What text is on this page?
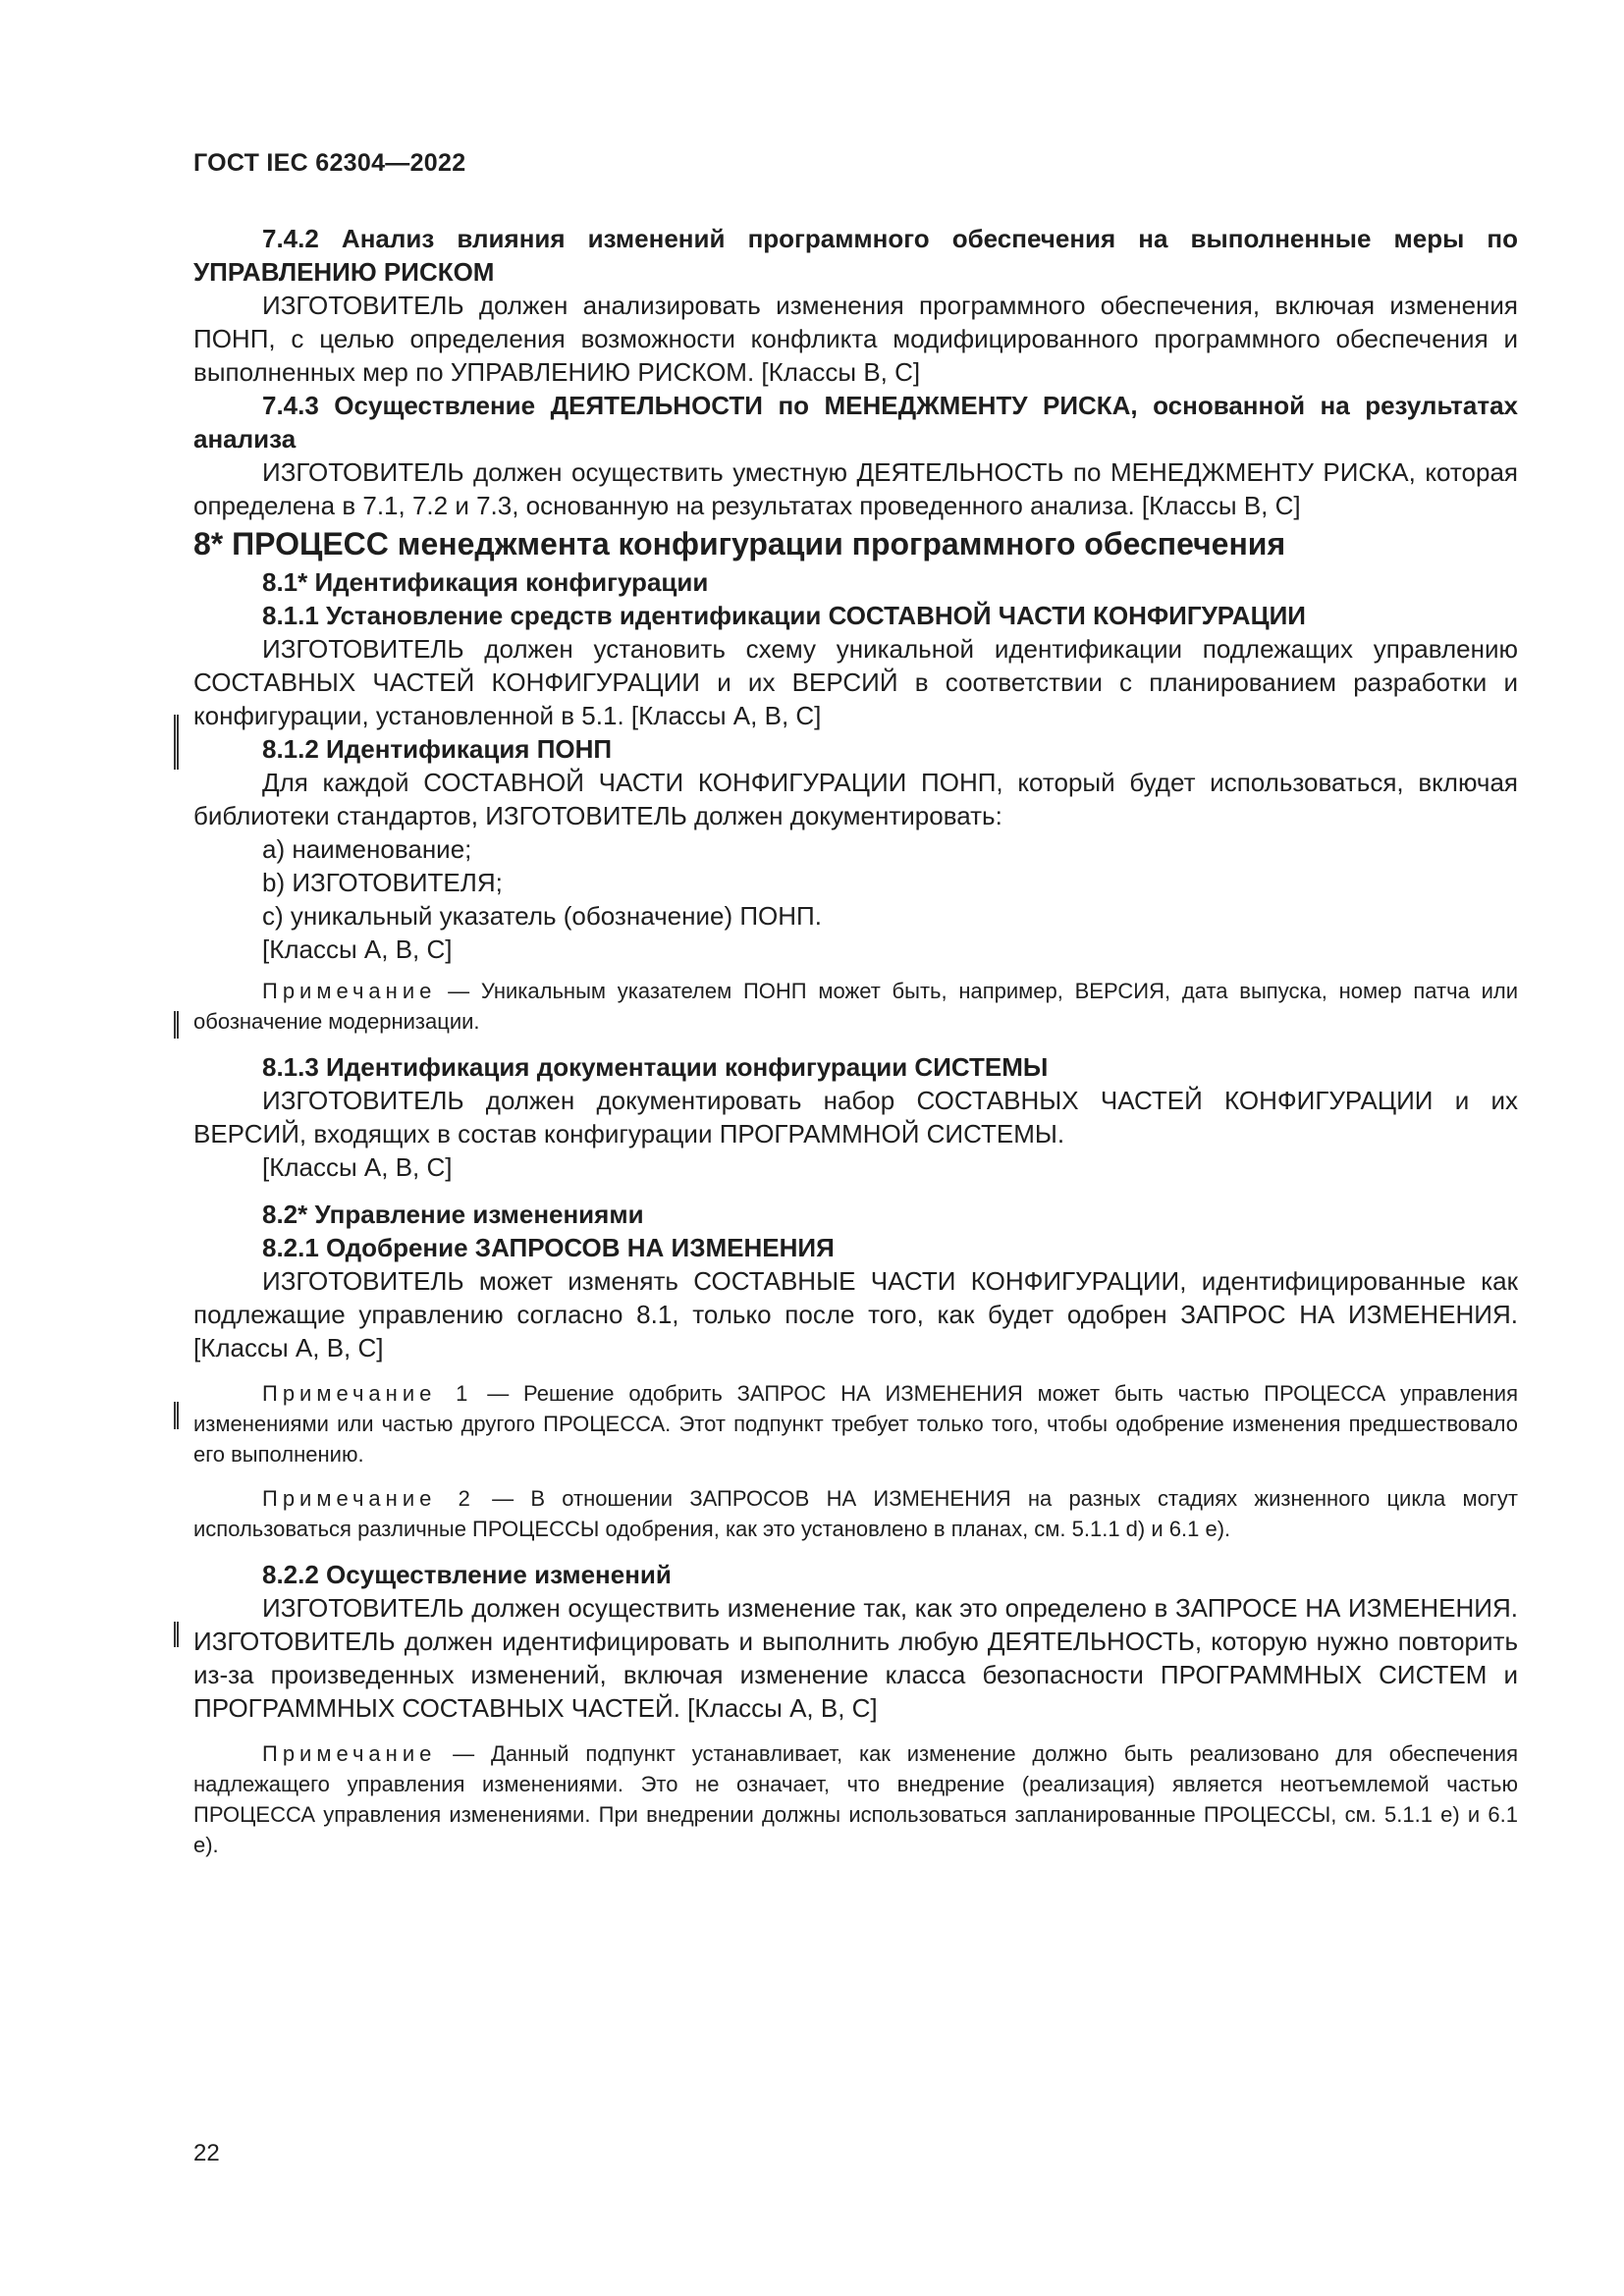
ГОСТ IEC 62304—2022

7.4.2 Анализ влияния изменений программного обеспечения на выполненные меры по УПРАВЛЕНИЮ РИСКОМ

ИЗГОТОВИТЕЛЬ должен анализировать изменения программного обеспечения, включая изменения ПОНП, с целью определения возможности конфликта модифицированного программного обеспечения и выполненных мер по УПРАВЛЕНИЮ РИСКОМ. [Классы В, С]

7.4.3 Осуществление ДЕЯТЕЛЬНОСТИ по МЕНЕДЖМЕНТУ РИСКА, основанной на результатах анализа

ИЗГОТОВИТЕЛЬ должен осуществить уместную ДЕЯТЕЛЬНОСТЬ по МЕНЕДЖМЕНТУ РИСКА, которая определена в 7.1, 7.2 и 7.3, основанную на результатах проведенного анализа. [Классы В, С]

8* ПРОЦЕСС менеджмента конфигурации программного обеспечения

8.1* Идентификация конфигурации

8.1.1 Установление средств идентификации СОСТАВНОЙ ЧАСТИ КОНФИГУРАЦИИ

ИЗГОТОВИТЕЛЬ должен установить схему уникальной идентификации подлежащих управлению СОСТАВНЫХ ЧАСТЕЙ КОНФИГУРАЦИИ и их ВЕРСИЙ в соответствии с планированием разработки и конфигурации, установленной в 5.1. [Классы А, В, С]

8.1.2 Идентификация ПОНП

Для каждой СОСТАВНОЙ ЧАСТИ КОНФИГУРАЦИИ ПОНП, который будет использоваться, включая библиотеки стандартов, ИЗГОТОВИТЕЛЬ должен документировать:

a) наименование;

b) ИЗГОТОВИТЕЛЯ;

c) уникальный указатель (обозначение) ПОНП.

[Классы А, В, С]

Примечание — Уникальным указателем ПОНП может быть, например, ВЕРСИЯ, дата выпуска, номер патча или обозначение модернизации.

8.1.3 Идентификация документации конфигурации СИСТЕМЫ

ИЗГОТОВИТЕЛЬ должен документировать набор СОСТАВНЫХ ЧАСТЕЙ КОНФИГУРАЦИИ и их ВЕРСИЙ, входящих в состав конфигурации ПРОГРАММНОЙ СИСТЕМЫ.

[Классы А, В, С]

8.2* Управление изменениями

8.2.1 Одобрение ЗАПРОСОВ НА ИЗМЕНЕНИЯ

ИЗГОТОВИТЕЛЬ может изменять СОСТАВНЫЕ ЧАСТИ КОНФИГУРАЦИИ, идентифицированные как подлежащие управлению согласно 8.1, только после того, как будет одобрен ЗАПРОС НА ИЗМЕНЕНИЯ. [Классы А, В, С]

Примечание 1 — Решение одобрить ЗАПРОС НА ИЗМЕНЕНИЯ может быть частью ПРОЦЕССА управления изменениями или частью другого ПРОЦЕССА. Этот подпункт требует только того, чтобы одобрение изменения предшествовало его выполнению.

Примечание 2 — В отношении ЗАПРОСОВ НА ИЗМЕНЕНИЯ на разных стадиях жизненного цикла могут использоваться различные ПРОЦЕССЫ одобрения, как это установлено в планах, см. 5.1.1 d) и 6.1 е).

8.2.2 Осуществление изменений

ИЗГОТОВИТЕЛЬ должен осуществить изменение так, как это определено в ЗАПРОСЕ НА ИЗМЕНЕНИЯ. ИЗГОТОВИТЕЛЬ должен идентифицировать и выполнить любую ДЕЯТЕЛЬНОСТЬ, которую нужно повторить из-за произведенных изменений, включая изменение класса безопасности ПРОГРАММНЫХ СИСТЕМ и ПРОГРАММНЫХ СОСТАВНЫХ ЧАСТЕЙ. [Классы А, В, С]

Примечание — Данный подпункт устанавливает, как изменение должно быть реализовано для обеспечения надлежащего управления изменениями. Это не означает, что внедрение (реализация) является неотъемлемой частью ПРОЦЕССА управления изменениями. При внедрении должны использоваться запланированные ПРОЦЕССЫ, см. 5.1.1 е) и 6.1 е).

22
